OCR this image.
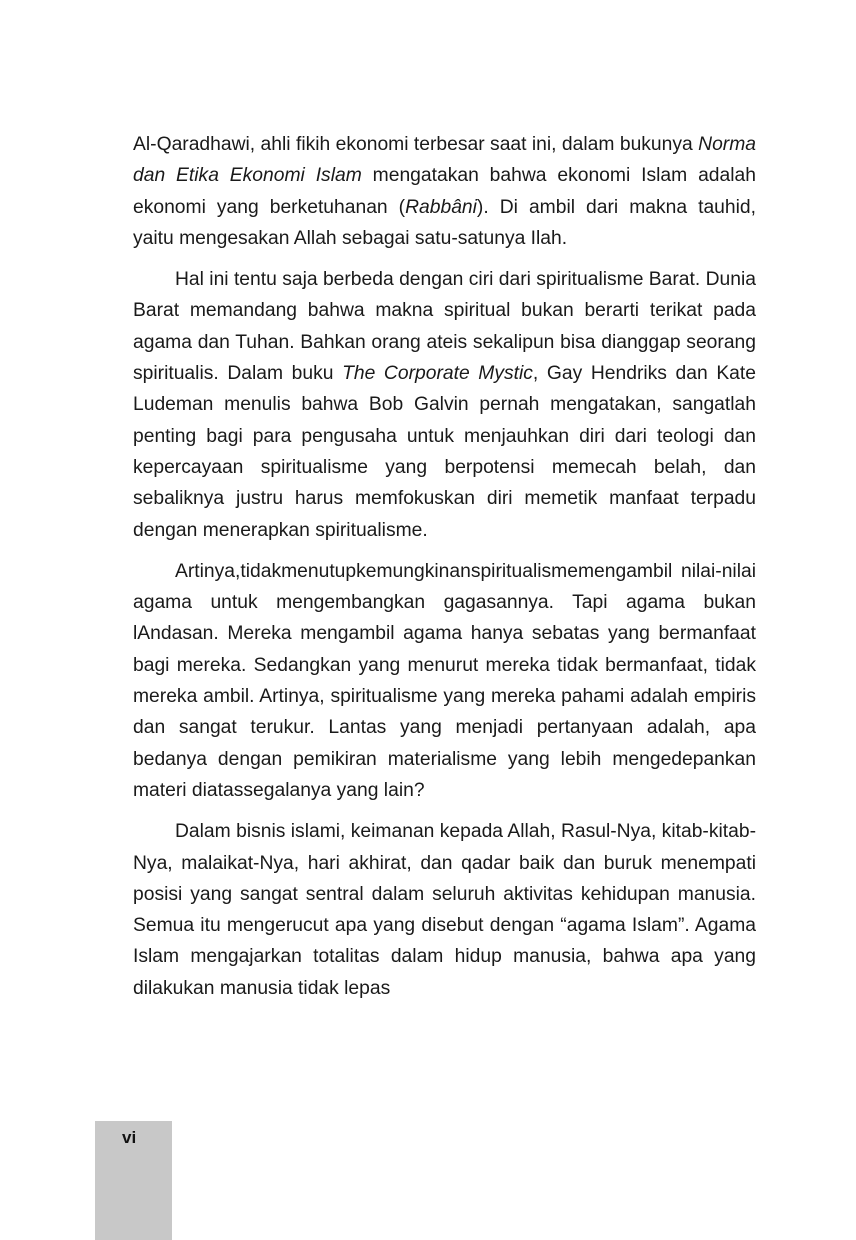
Al-Qaradhawi, ahli fikih ekonomi terbesar saat ini, dalam bukunya Norma dan Etika Ekonomi Islam mengatakan bahwa ekonomi Islam adalah ekonomi yang berketuhanan (Rabbâni). Di ambil dari makna tauhid, yaitu mengesakan Allah sebagai satu-satunya Ilah.

Hal ini tentu saja berbeda dengan ciri dari spiritualisme Barat. Dunia Barat memandang bahwa makna spiritual bukan berarti terikat pada agama dan Tuhan. Bahkan orang ateis sekalipun bisa dianggap seorang spiritualis. Dalam buku The Corporate Mystic, Gay Hendriks dan Kate Ludeman menulis bahwa Bob Galvin pernah mengatakan, sangatlah penting bagi para pengusaha untuk menjauhkan diri dari teologi dan kepercayaan spiritualisme yang berpotensi memecah belah, dan sebaliknya justru harus memfokuskan diri memetik manfaat terpadu dengan menerapkan spiritualisme.

Artinya,tidakmenutupkemungkinanspiritualismemengambil nilai-nilai agama untuk mengembangkan gagasannya. Tapi agama bukan lAndasan. Mereka mengambil agama hanya sebatas yang bermanfaat bagi mereka. Sedangkan yang menurut mereka tidak bermanfaat, tidak mereka ambil. Artinya, spiritualisme yang mereka pahami adalah empiris dan sangat terukur. Lantas yang menjadi pertanyaan adalah, apa bedanya dengan pemikiran materialisme yang lebih mengedepankan materi diatassegalanya yang lain?

Dalam bisnis islami, keimanan kepada Allah, Rasul-Nya, kitab-kitab-Nya, malaikat-Nya, hari akhirat, dan qadar baik dan buruk menempati posisi yang sangat sentral dalam seluruh aktivitas kehidupan manusia. Semua itu mengerucut apa yang disebut dengan “agama Islam”. Agama Islam mengajarkan totalitas dalam hidup manusia, bahwa apa yang dilakukan manusia tidak lepas

vi
